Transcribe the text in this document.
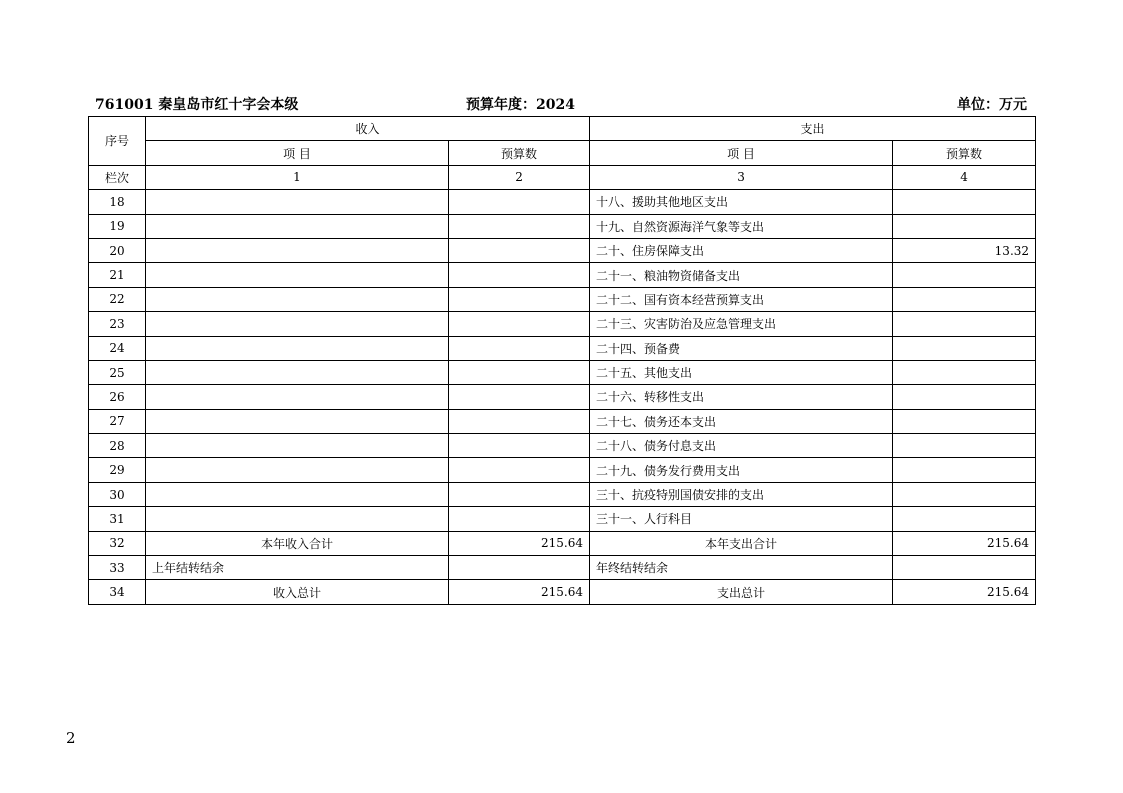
761001 秦皇岛市红十字会本级	预算年度：2024	单位：万元
序号	收入		支出	
	项 目	预算数	项 目	预算数
栏次	1	2	3	4
18			十八、援助其他地区支出	
19			十九、自然资源海洋气象等支出	
20			二十、住房保障支出	13.32
21			二十一、粮油物资储备支出	
22			二十二、国有资本经营预算支出	
23			二十三、灾害防治及应急管理支出	
24			二十四、预备费	
25			二十五、其他支出	
26			二十六、转移性支出	
27			二十七、债务还本支出	
28			二十八、债务付息支出	
29			二十九、债务发行费用支出	
30			三十、抗疫特别国债安排的支出	
31			三十一、人行科目	
32	本年收入合计	215.64	本年支出合计	215.64
33	上年结转结余		年终结转结余	
34	收入总计	215.64	支出总计	215.64
2
